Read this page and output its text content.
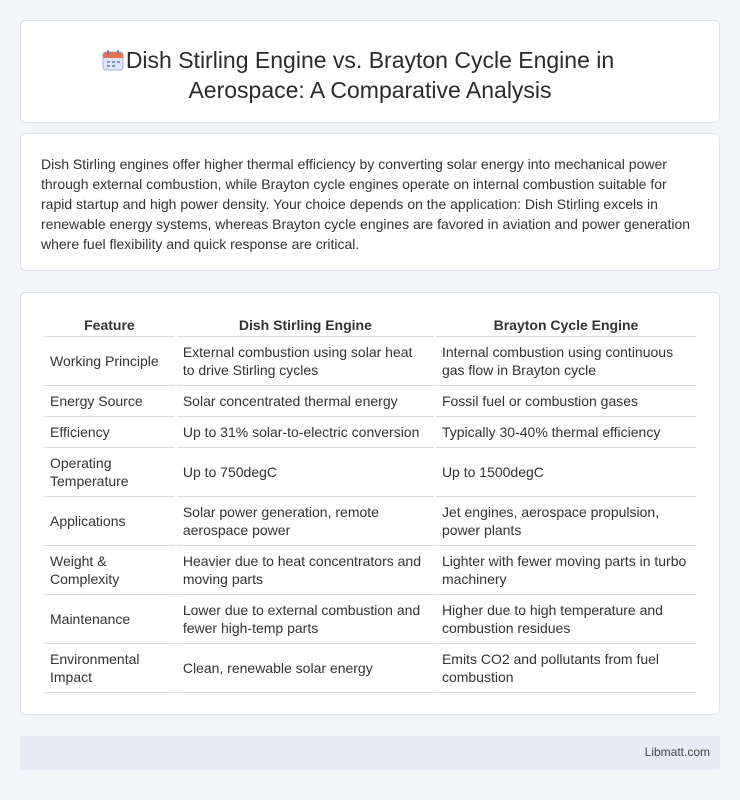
Dish Stirling Engine vs. Brayton Cycle Engine in
Aerospace: A Comparative Analysis

Dish Stirling engines offer higher thermal efficiency by converting solar energy into mechanical power through external combustion, while Brayton cycle engines operate on internal combustion suitable for rapid startup and high power density. Your choice depends on the application: Dish Stirling excels in renewable energy systems, whereas Brayton cycle engines are favored in aviation and power generation where fuel flexibility and quick response are critical.

Feature	Dish Stirling Engine	Brayton Cycle Engine
Working Principle	External combustion using solar heat to drive Stirling cycles	Internal combustion using continuous gas flow in Brayton cycle
Energy Source	Solar concentrated thermal energy	Fossil fuel or combustion gases
Efficiency	Up to 31% solar-to-electric conversion	Typically 30-40% thermal efficiency
Operating Temperature	Up to 750degC	Up to 1500degC
Applications	Solar power generation, remote aerospace power	Jet engines, aerospace propulsion, power plants
Weight & Complexity	Heavier due to heat concentrators and moving parts	Lighter with fewer moving parts in turbo machinery
Maintenance	Lower due to external combustion and fewer high-temp parts	Higher due to high temperature and combustion residues
Environmental Impact	Clean, renewable solar energy	Emits CO2 and pollutants from fuel combustion
Libmatt.com
